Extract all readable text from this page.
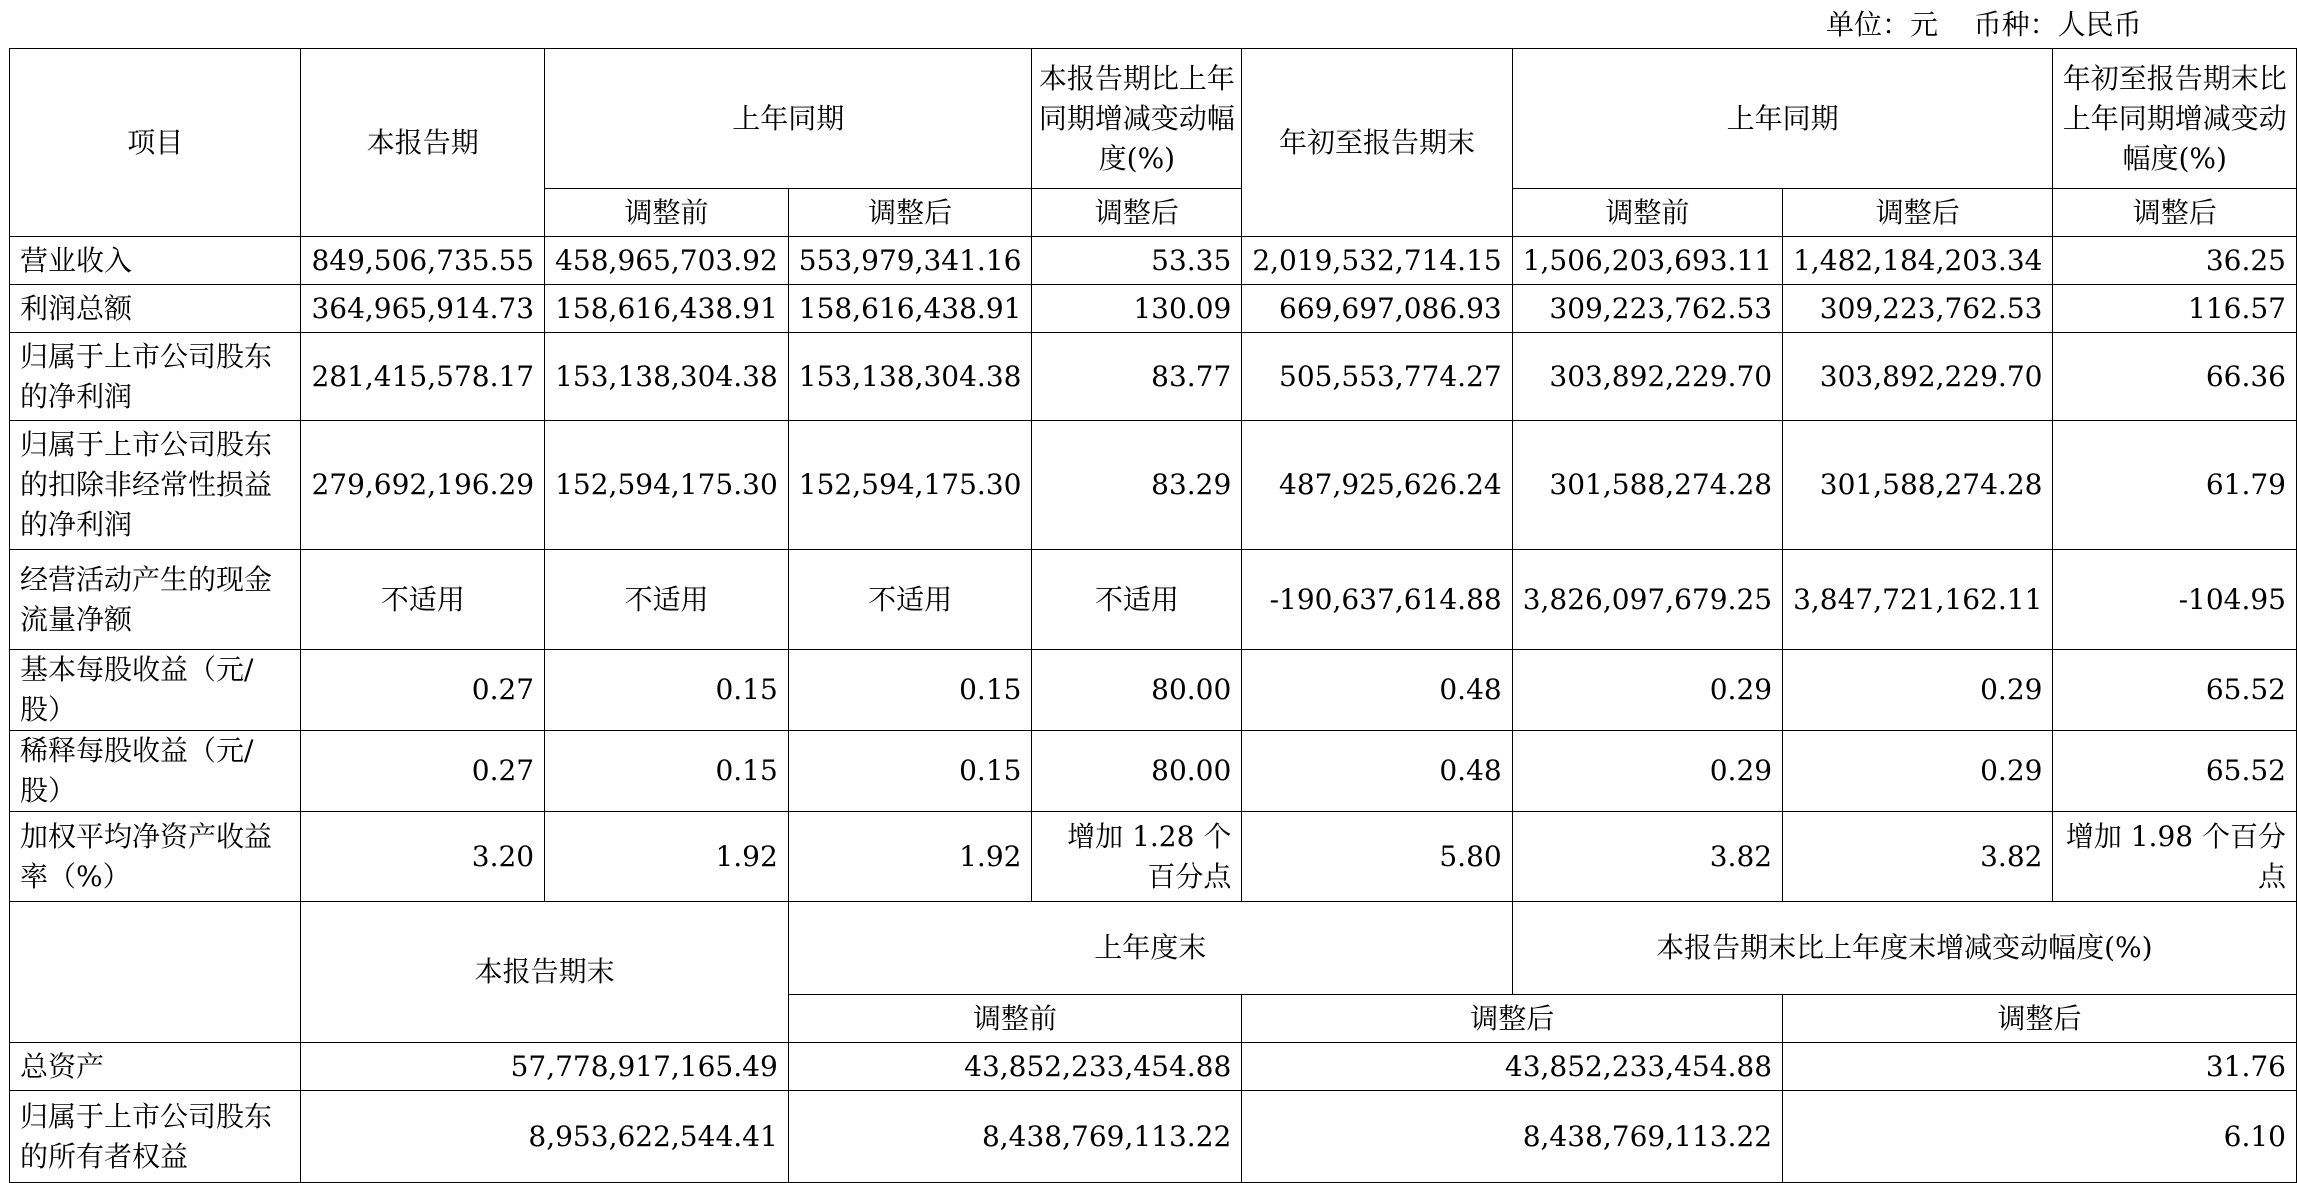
单位：元    币种：人民币
项目	本报告期	上年同期		本报告期比上年同期增减变动幅度(%)	年初至报告期末	上年同期		年初至报告期末比上年同期增减变动幅度(%)
		调整前	调整后	调整后		调整前	调整后	调整后
营业收入	849,506,735.55	458,965,703.92	553,979,341.16	53.35	2,019,532,714.15	1,506,203,693.11	1,482,184,203.34	36.25
利润总额	364,965,914.73	158,616,438.91	158,616,438.91	130.09	669,697,086.93	309,223,762.53	309,223,762.53	116.57
归属于上市公司股东的净利润	281,415,578.17	153,138,304.38	153,138,304.38	83.77	505,553,774.27	303,892,229.70	303,892,229.70	66.36
归属于上市公司股东的扣除非经常性损益的净利润	279,692,196.29	152,594,175.30	152,594,175.30	83.29	487,925,626.24	301,588,274.28	301,588,274.28	61.79
经营活动产生的现金流量净额	不适用	不适用	不适用	不适用	-190,637,614.88	3,826,097,679.25	3,847,721,162.11	-104.95
基本每股收益（元/股）	0.27	0.15	0.15	80.00	0.48	0.29	0.29	65.52
稀释每股收益（元/股）	0.27	0.15	0.15	80.00	0.48	0.29	0.29	65.52
加权平均净资产收益率（%）	3.20	1.92	1.92	增加 1.28 个百分点	5.80	3.82	3.82	增加 1.98 个百分点
	本报告期末		上年度末			本报告期末比上年度末增减变动幅度(%)		
			调整前		调整后		调整后	
总资产	57,778,917,165.49		43,852,233,454.88		43,852,233,454.88		31.76	
归属于上市公司股东的所有者权益	8,953,622,544.41		8,438,769,113.22		8,438,769,113.22		6.10	
